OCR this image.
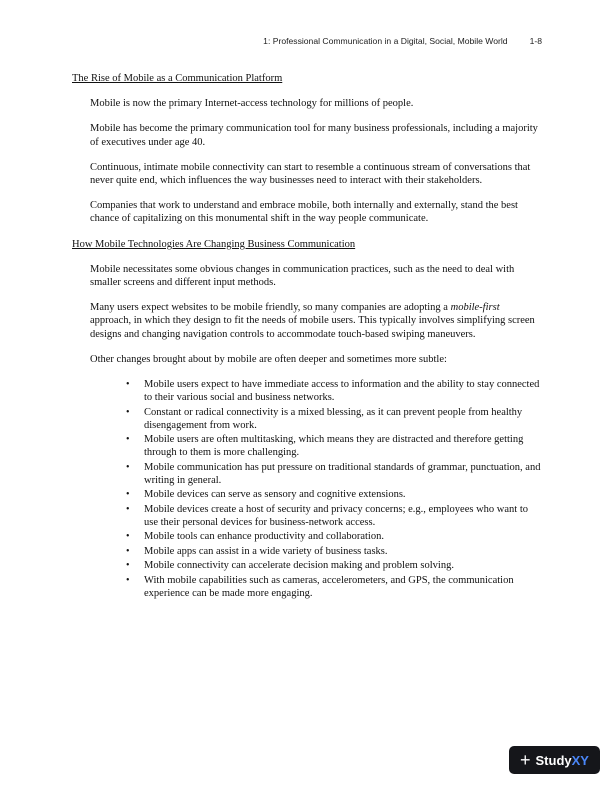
1: Professional Communication in a Digital, Social, Mobile World	1-8
The Rise of Mobile as a Communication Platform

Mobile is now the primary Internet-access technology for millions of people.

Mobile has become the primary communication tool for many business professionals, including a majority of executives under age 40.

Continuous, intimate mobile connectivity can start to resemble a continuous stream of conversations that never quite end, which influences the way businesses need to interact with their stakeholders.

Companies that work to understand and embrace mobile, both internally and externally, stand the best chance of capitalizing on this monumental shift in the way people communicate.

How Mobile Technologies Are Changing Business Communication

Mobile necessitates some obvious changes in communication practices, such as the need to deal with smaller screens and different input methods.

Many users expect websites to be mobile friendly, so many companies are adopting a mobile-first approach, in which they design to fit the needs of mobile users. This typically involves simplifying screen designs and changing navigation controls to accommodate touch-based swiping maneuvers.

Other changes brought about by mobile are often deeper and sometimes more subtle:

• Mobile users expect to have immediate access to information and the ability to stay connected to their various social and business networks.
• Constant or radical connectivity is a mixed blessing, as it can prevent people from healthy disengagement from work.
• Mobile users are often multitasking, which means they are distracted and therefore getting through to them is more challenging.
• Mobile communication has put pressure on traditional standards of grammar, punctuation, and writing in general.
• Mobile devices can serve as sensory and cognitive extensions.
• Mobile devices create a host of security and privacy concerns; e.g., employees who want to use their personal devices for business-network access.
• Mobile tools can enhance productivity and collaboration.
• Mobile apps can assist in a wide variety of business tasks.
• Mobile connectivity can accelerate decision making and problem solving.
• With mobile capabilities such as cameras, accelerometers, and GPS, the communication experience can be made more engaging.
+ StudyXY
